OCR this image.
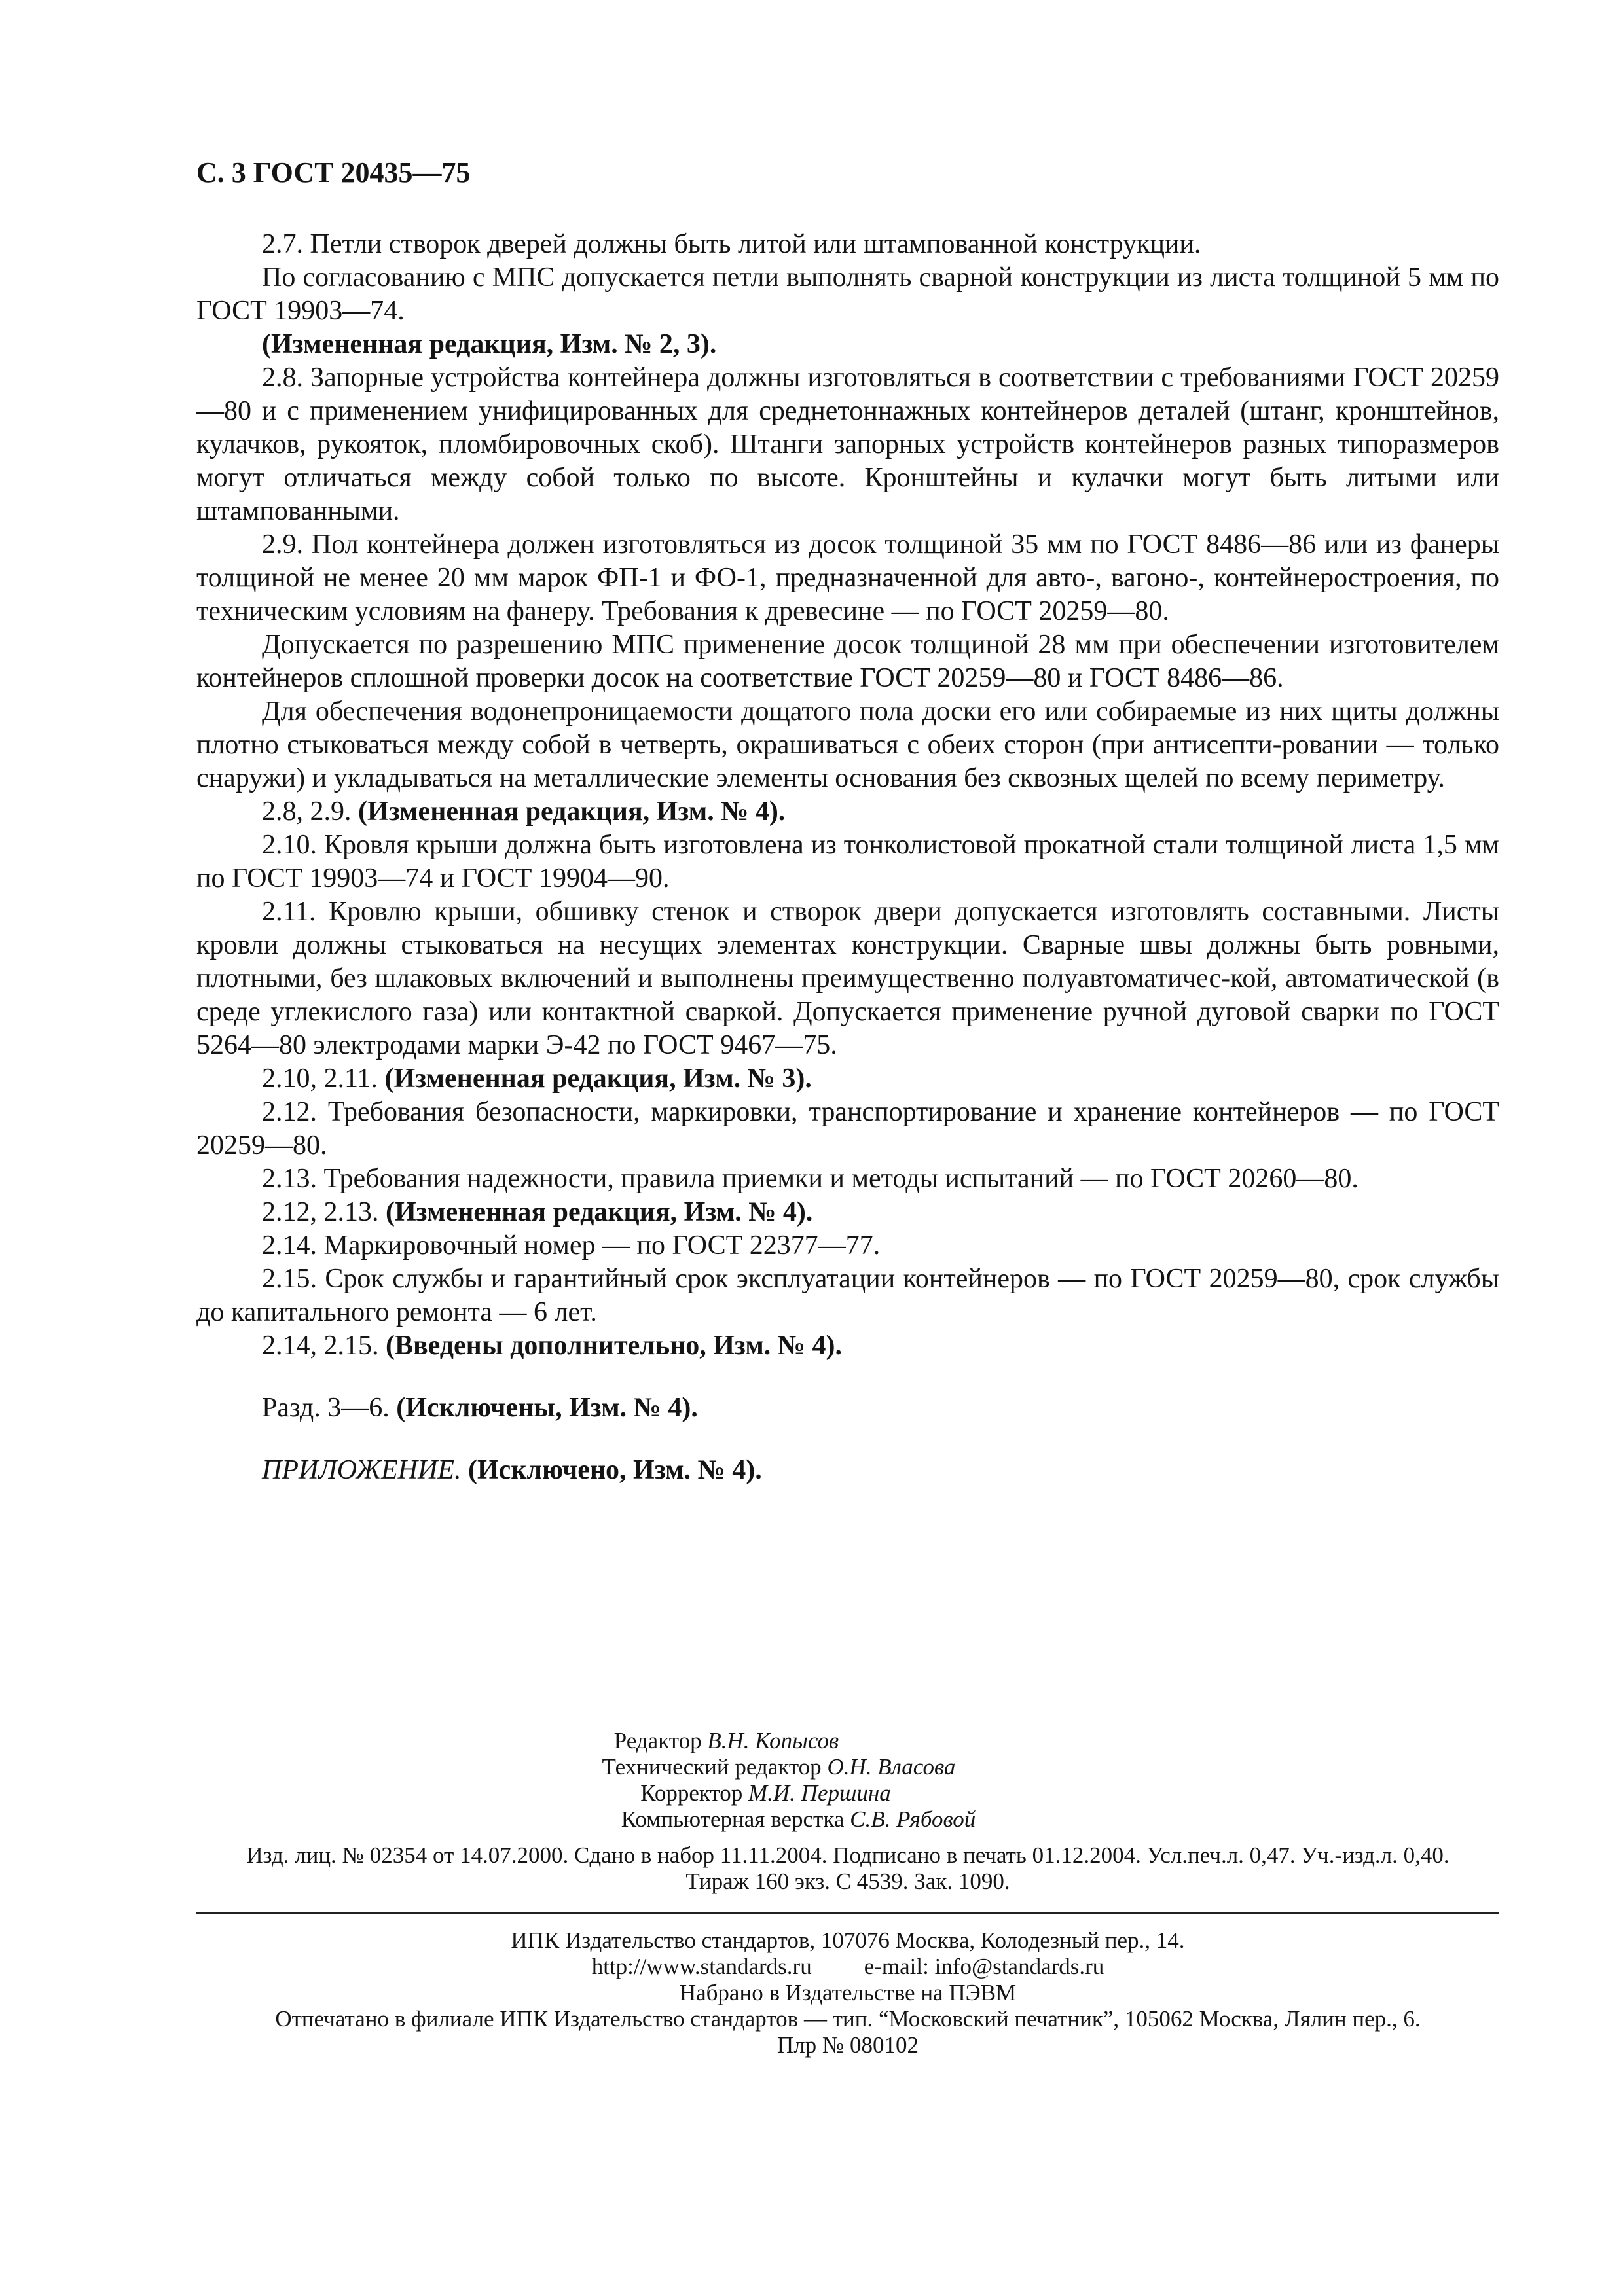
С. 3 ГОСТ 20435—75

2.7. Петли створок дверей должны быть литой или штампованной конструкции.

По согласованию с МПС допускается петли выполнять сварной конструкции из листа толщиной 5 мм по ГОСТ 19903—74.

(Измененная редакция, Изм. № 2, 3).

2.8. Запорные устройства контейнера должны изготовляться в соответствии с требованиями ГОСТ 20259—80 и с применением унифицированных для среднетоннажных контейнеров деталей (штанг, кронштейнов, кулачков, рукояток, пломбировочных скоб). Штанги запорных устройств контейнеров разных типоразмеров могут отличаться между собой только по высоте. Кронштейны и кулачки могут быть литыми или штампованными.

2.9. Пол контейнера должен изготовляться из досок толщиной 35 мм по ГОСТ 8486—86 или из фанеры толщиной не менее 20 мм марок ФП-1 и ФО-1, предназначенной для авто-, вагоно-, контейнеростроения, по техническим условиям на фанеру. Требования к древесине — по ГОСТ 20259—80.

Допускается по разрешению МПС применение досок толщиной 28 мм при обеспечении изготовителем контейнеров сплошной проверки досок на соответствие ГОСТ 20259—80 и ГОСТ 8486—86.

Для обеспечения водонепроницаемости дощатого пола доски его или собираемые из них щиты должны плотно стыковаться между собой в четверть, окрашиваться с обеих сторон (при антисепти-ровании — только снаружи) и укладываться на металлические элементы основания без сквозных щелей по всему периметру.

2.8, 2.9. (Измененная редакция, Изм. № 4).

2.10. Кровля крыши должна быть изготовлена из тонколистовой прокатной стали толщиной листа 1,5 мм по ГОСТ 19903—74 и ГОСТ 19904—90.

2.11. Кровлю крыши, обшивку стенок и створок двери допускается изготовлять составными. Листы кровли должны стыковаться на несущих элементах конструкции. Сварные швы должны быть ровными, плотными, без шлаковых включений и выполнены преимущественно полуавтоматичес-кой, автоматической (в среде углекислого газа) или контактной сваркой. Допускается применение ручной дуговой сварки по ГОСТ 5264—80 электродами марки Э-42 по ГОСТ 9467—75.

2.10, 2.11. (Измененная редакция, Изм. № 3).

2.12. Требования безопасности, маркировки, транспортирование и хранение контейнеров — по ГОСТ 20259—80.

2.13. Требования надежности, правила приемки и методы испытаний — по ГОСТ 20260—80.

2.12, 2.13. (Измененная редакция, Изм. № 4).

2.14. Маркировочный номер — по ГОСТ 22377—77.

2.15. Срок службы и гарантийный срок эксплуатации контейнеров — по ГОСТ 20259—80, срок службы до капитального ремонта — 6 лет.

2.14, 2.15. (Введены дополнительно, Изм. № 4).

Разд. 3—6. (Исключены, Изм. № 4).

ПРИЛОЖЕНИЕ. (Исключено, Изм. № 4).

Редактор В.Н. Копысов

Технический редактор О.Н. Власова

Корректор М.И. Першина

Компьютерная верстка С.В. Рябовой

Изд. лиц. № 02354 от 14.07.2000. Сдано в набор 11.11.2004. Подписано в печать 01.12.2004. Усл.печ.л. 0,47. Уч.-изд.л. 0,40.

Тираж 160 экз. С 4539. Зак. 1090.

ИПК Издательство стандартов, 107076 Москва, Колодезный пер., 14.

http://www.standards.ru e-mail: info@standards.ru

Набрано в Издательстве на ПЭВМ

Отпечатано в филиале ИПК Издательство стандартов — тип. “Московский печатник”, 105062 Москва, Лялин пер., 6.

Плр № 080102
